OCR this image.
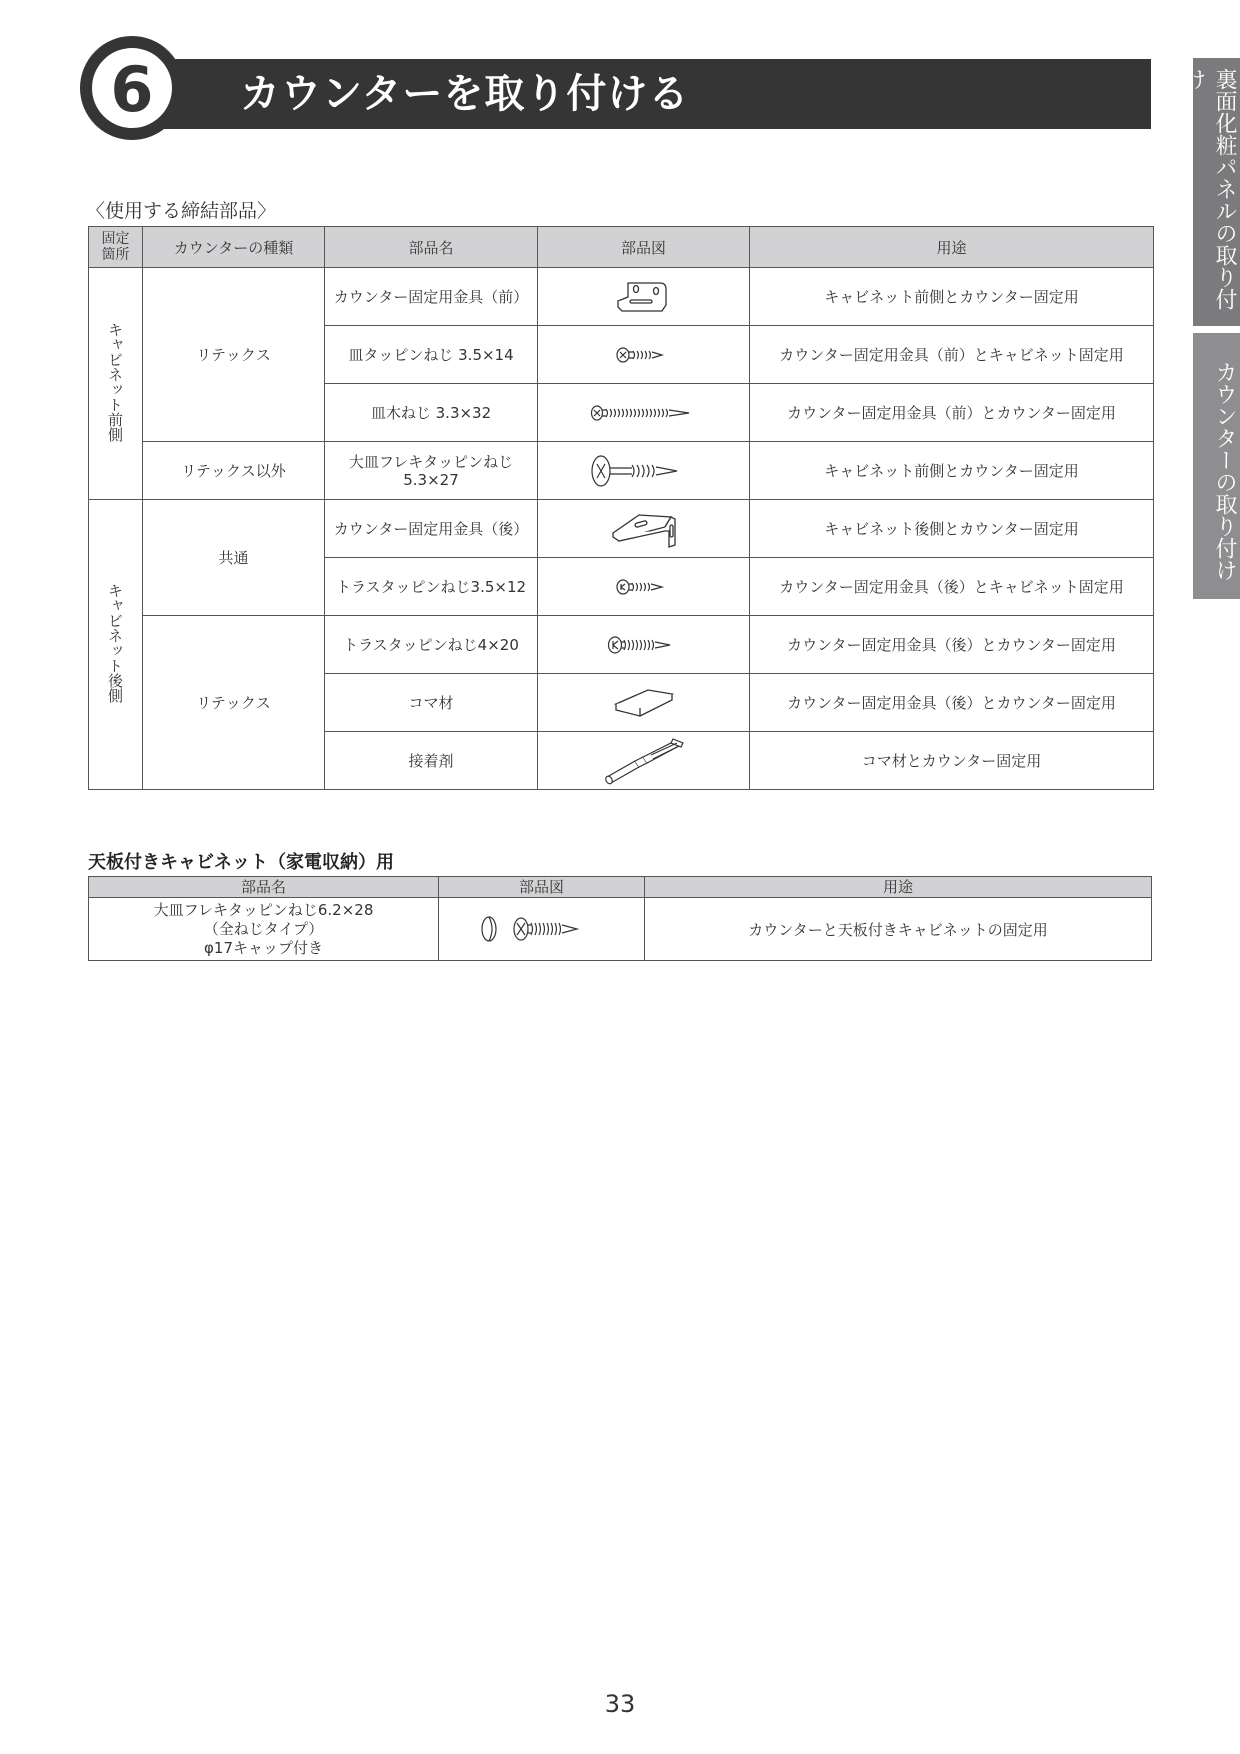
カウンターを取り付ける
6	裏面化粧パネルの取り付け
カウンターの取り付け
〈使用する締結部品〉
固定
箇所	カウンターの種類	部品名	部品図	用途
キャビネット前側	リテックス	カウンター固定用金具（前）		キャビネット前側とカウンター固定用
		皿タッピンねじ 3.5×14		カウンター固定用金具（前）とキャビネット固定用
		皿木ねじ 3.3×32		カウンター固定用金具（前）とカウンター固定用
	リテックス以外	大皿フレキタッピンねじ
5.3×27		キャビネット前側とカウンター固定用
キャビネット後側	共通	カウンター固定用金具（後）		キャビネット後側とカウンター固定用
		トラスタッピンねじ3.5×12		カウンター固定用金具（後）とキャビネット固定用
	リテックス	トラスタッピンねじ4×20		カウンター固定用金具（後）とカウンター固定用
		コマ材		カウンター固定用金具（後）とカウンター固定用
		接着剤		コマ材とカウンター固定用
天板付きキャビネット（家電収納）用
部品名	部品図	用途
大皿フレキタッピンねじ6.2×28
（全ねじタイプ）
φ17キャップ付き		カウンターと天板付きキャビネットの固定用
33
